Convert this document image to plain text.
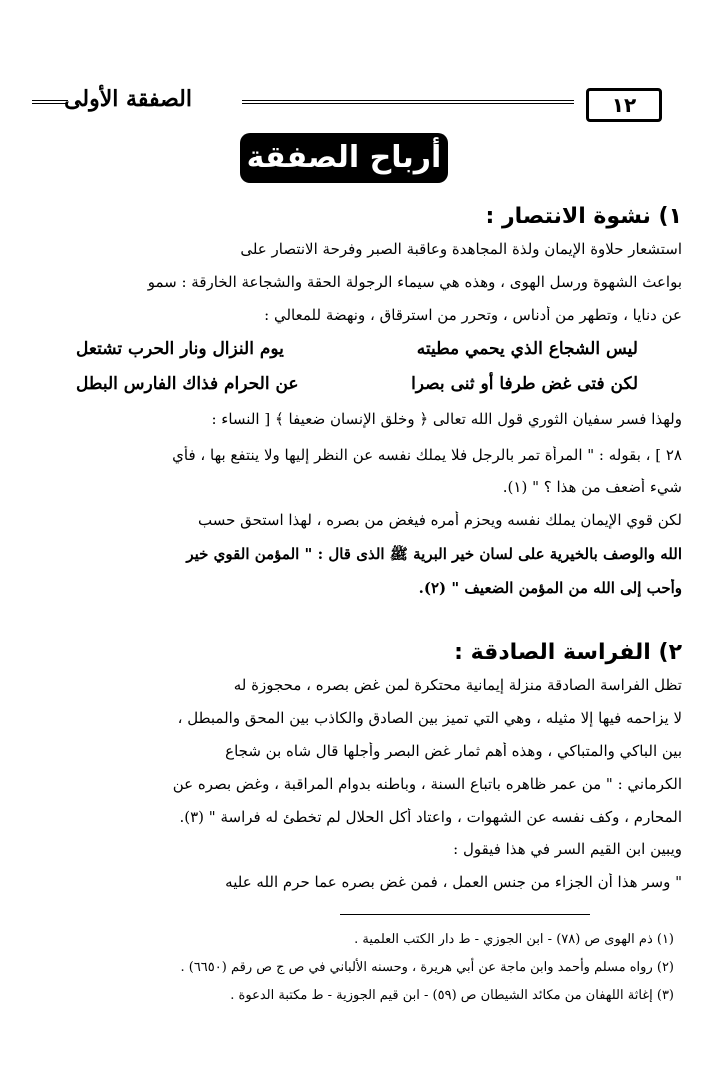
١٢
الصفقة الأولى
أرباح الصفقة
١) نشوة الانتصار :
استشعار حلاوة الإيمان ولذة المجاهدة وعاقبة الصبر وفرحة الانتصار على
بواعث الشهوة ورسل الهوى ، وهذه هي سيماء الرجولة الحقة والشجاعة الخارقة : سمو
عن دنايا ، وتطهر من أدناس ، وتحرر من استرقاق ، ونهضة للمعالي :
ليس الشجاع الذي يحمي مطيته
يوم النزال ونار الحرب تشتعل
لكن فتى غض طرفا أو ثنى بصرا
عن الحرام فذاك الفارس البطل
ولهذا فسر سفيان الثوري قول الله تعالى ﴿ وخلق الإنسان ضعيفا ﴾ [ النساء :
٢٨ ] ، بقوله : " المرأة تمر بالرجل فلا يملك نفسه عن النظر إليها ولا ينتفع بها ، فأي
شيء أضعف من هذا ؟ " (١).
لكن قوي الإيمان يملك نفسه ويحزم أمره فيغض من بصره ، لهذا استحق حسب
الله والوصف بالخيرية على لسان خير البرية ﷺ الذى قال : " المؤمن القوي خير
وأحب إلى الله من المؤمن الضعيف " (٢).
٢) الفراسة الصادقة :
تظل الفراسة الصادقة منزلة إيمانية محتكرة لمن غض بصره ، محجوزة له
لا يزاحمه فيها إلا مثيله ، وهي التي تميز بين الصادق والكاذب بين المحق والمبطل ،
بين الباكي والمتباكي ، وهذه أهم ثمار غض البصر وأجلها قال شاه بن شجاع
الكرماني : " من عمر ظاهره باتباع السنة ، وباطنه بدوام المراقبة ، وغض بصره عن
المحارم ، وكف نفسه عن الشهوات ، واعتاد أكل الحلال لم تخطئ له فراسة " (٣).
ويبين ابن القيم السر في هذا فيقول :
" وسر هذا أن الجزاء من جنس العمل ، فمن غض بصره عما حرم الله عليه
(١) ذم الهوى ص (٧٨) - ابن الجوزي - ط دار الكتب العلمية .
(٢) رواه مسلم وأحمد وابن ماجة عن أبي هريرة ، وحسنه الألباني في ص ج ص رقم (٦٦٥٠) .
(٣) إغاثة اللهفان من مكائد الشيطان ص (٥٩) - ابن قيم الجوزية - ط مكتبة الدعوة .
